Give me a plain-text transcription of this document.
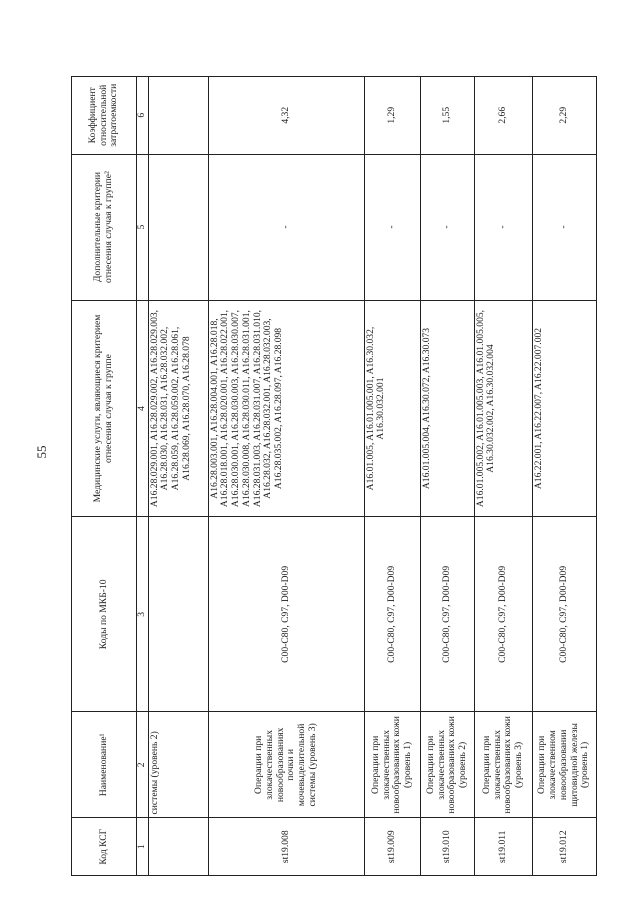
55
Код КСГ	Наименование¹	Коды по МКБ-10	Медицинские услуги, являющиеся критерием отнесения случая к группе	Дополнительные критерии отнесения случая к группе²	Коэффициент относительной затратоемкости
1	2	3	4	5	6
	системы (уровень 2)		A16.28.029.001, A16.28.029.002, A16.28.029.003, A16.28.030, A16.28.031, A16.28.032.002, A16.28.059, A16.28.059.002, A16.28.061, A16.28.069, A16.28.070, A16.28.078		
st19.008	Операции при злокачественных новообразованиях почки и мочевыделительной системы (уровень 3)	C00-C80, C97, D00-D09	A16.28.003.001, A16.28.004.001, A16.28.018, A16.28.018.001, A16.28.020.001, A16.28.022.001, A16.28.030.001, A16.28.030.003, A16.28.030.007, A16.28.030.008, A16.28.030.011, A16.28.031.001, A16.28.031.003, A16.28.031.007, A16.28.031.010, A16.28.032, A16.28.032.001, A16.28.032.003, A16.28.035.002, A16.28.097, A16.28.098	-	4,32
st19.009	Операции при злокачественных новообразованиях кожи (уровень 1)	C00-C80, C97, D00-D09	A16.01.005, A16.01.005.001, A16.30.032, A16.30.032.001	-	1,29
st19.010	Операции при злокачественных новообразованиях кожи (уровень 2)	C00-C80, C97, D00-D09	A16.01.005.004, A16.30.072, A16.30.073	-	1,55
st19.011	Операции при злокачественных новообразованиях кожи (уровень 3)	C00-C80, C97, D00-D09	A16.01.005.002, A16.01.005.003, A16.01.005.005, A16.30.032.002, A16.30.032.004	-	2,66
st19.012	Операции при злокачественном новообразовании щитовидной железы (уровень 1)	C00-C80, C97, D00-D09	A16.22.001, A16.22.007, A16.22.007.002	-	2,29
